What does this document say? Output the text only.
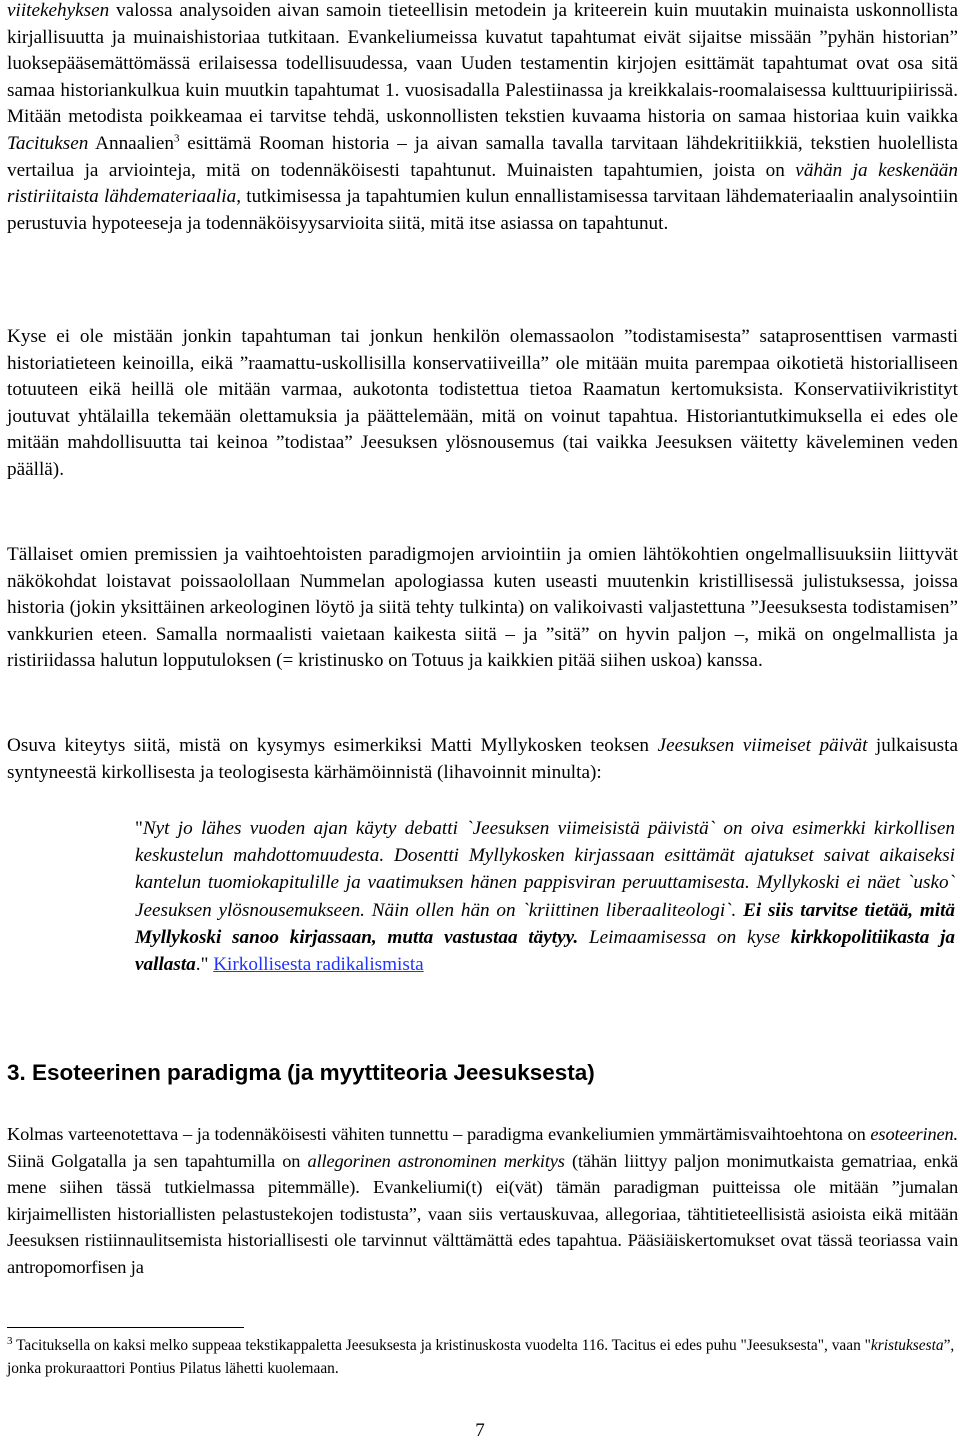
viitekehyksen valossa analysoiden aivan samoin tieteellisin metodein ja kriteerein kuin muutakin muinaista uskonnollista kirjallisuutta ja muinaishistoriaa tutkitaan. Evankeliumeissa kuvatut tapahtumat eivät sijaitse missään ”pyhän historian” luoksepääsemättömässä erilaisessa todellisuudessa, vaan Uuden testamentin kirjojen esittämät tapahtumat ovat osa sitä samaa historiankulkua kuin muutkin tapahtumat 1. vuosisadalla Palestiinassa ja kreikkalais-roomalaisessa kulttuuripiirissä. Mitään metodista poikkeamaa ei tarvitse tehdä, uskonnollisten tekstien kuvaama historia on samaa historiaa kuin vaikka Tacituksen Annaalien$^3$ esittämä Rooman historia – ja aivan samalla tavalla tarvitaan lähdekritiikkiä, tekstien huolellista vertailua ja arviointeja, mitä on todennäköisesti tapahtunut. Muinaisten tapahtumien, joista on vähän ja keskenään ristiriitaista lähdemateriaalia, tutkimisessa ja tapahtumien kulun ennallistamisessa tarvitaan lähdemateriaalin analysointiin perustuvia hypoteeseja ja todennäköisyysarvioita siitä, mitä itse asiassa on tapahtunut.

Kyse ei ole mistään jonkin tapahtuman tai jonkun henkilön olemassaolon ”todistamisesta” sataprosenttisen varmasti historiatieteen keinoilla, eikä ”raamattu-uskollisilla konservatiiveilla” ole mitään muita parempaa oikotietä historialliseen totuuteen eikä heillä ole mitään varmaa, aukotonta todistettua tietoa Raamatun kertomuksista. Konservatiivikristityt joutuvat yhtälailla tekemään olettamuksia ja päättelemään, mitä on voinut tapahtua. Historiantutkimuksella ei edes ole mitään mahdollisuutta tai keinoa ”todistaa” Jeesuksen ylösnousemus (tai vaikka Jeesuksen väitetty käveleminen veden päällä).

Tällaiset omien premissien ja vaihtoehtoisten paradigmojen arviointiin ja omien lähtökohtien ongelmallisuuksiin liittyvät näkökohdat loistavat poissaolollaan Nummelan apologiassa kuten useasti muutenkin kristillisessä julistuksessa, joissa historia (jokin yksittäinen arkeologinen löytö ja siitä tehty tulkinta) on valikoivasti valjastettuna ”Jeesuksesta todistamisen” vankkurien eteen. Samalla normaalisti vaietaan kaikesta siitä – ja ”sitä” on hyvin paljon –, mikä on ongelmallista ja ristiriidassa halutun lopputuloksen (= kristinusko on Totuus ja kaikkien pitää siihen uskoa) kanssa.

Osuva kiteytys siitä, mistä on kysymys esimerkiksi Matti Myllykosken teoksen Jeesuksen viimeiset päivät julkaisusta syntyneestä kirkollisesta ja teologisesta kärhämöinnistä (lihavoinnit minulta):

"Nyt jo lähes vuoden ajan käyty debatti `Jeesuksen viimeisistä päivistä` on oiva esimerkki kirkollisen keskustelun mahdottomuudesta. Dosentti Myllykosken kirjassaan esittämät ajatukset saivat aikaiseksi kantelun tuomiokapitulille ja vaatimuksen hänen pappisviran peruuttamisesta. Myllykoski ei näet `usko` Jeesuksen ylösnousemukseen. Näin ollen hän on `kriittinen liberaaliteologi`. Ei siis tarvitse tietää, mitä Myllykoski sanoo kirjassaan, mutta vastustaa täytyy. Leimaamisessa on kyse kirkkopolitiikasta ja vallasta." Kirkollisesta radikalismista

3. Esoteerinen paradigma (ja myyttiteoria Jeesuksesta)

Kolmas varteenotettava – ja todennäköisesti vähiten tunnettu – paradigma evankeliumien ymmärtämisvaihtoehtona on esoteerinen. Siinä Golgatalla ja sen tapahtumilla on allegorinen astronominen merkitys (tähän liittyy paljon monimutkaista gematriaa, enkä mene siihen tässä tutkielmassa pitemmälle). Evankeliumi(t) ei(vät) tämän paradigman puitteissa ole mitään ”jumalan kirjaimellisten historiallisten pelastustekojen todistusta”, vaan siis vertauskuvaa, allegoriaa, tähtitieteellisistä asioista eikä mitään Jeesuksen ristiinnaulitsemista historiallisesti ole tarvinnut välttämättä edes tapahtua. Pääsiäiskertomukset ovat tässä teoriassa vain antropomorfisen ja

$^3$ Tacituksella on kaksi melko suppeaa tekstikappaletta Jeesuksesta ja kristinuskosta vuodelta 116. Tacitus ei edes puhu "Jeesuksesta", vaan "kristuksesta”, jonka prokuraattori Pontius Pilatus lähetti kuolemaan.

7
